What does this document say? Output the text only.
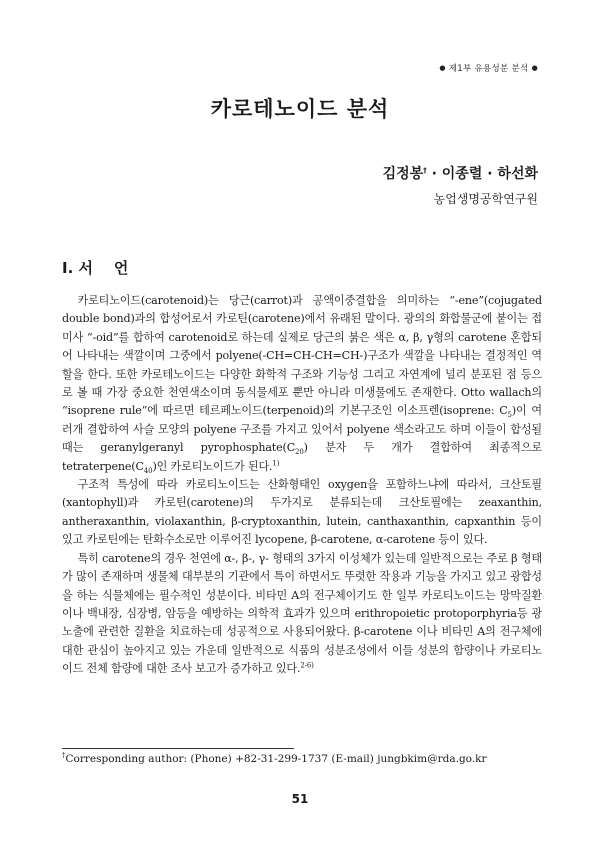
● 제1부 유용성분 분석 ●
카로테노이드 분석
김정봉† · 이종렬 · 하선화
농업생명공학연구원
I. 서    언

카로티노이드(carotenoid)는 당근(carrot)과 공액이중결합을 의미하는 “-ene”(cojugated double bond)과의 합성어로서 카로틴(carotene)에서 유래된 말이다. 광의의 화합물군에 붙이는 접미사 “-oid”를 합하여 carotenoid로 하는데 실제로 당근의 붉은 색은 α, β, γ형의 carotene 혼합되어 나타내는 색깔이며 그중에서 polyene(-CH=CH-CH=CH-)구조가 색깔을 나타내는 결정적인 역할을 한다. 또한 카로테노이드는 다양한 화학적 구조와 기능성 그리고 자연계에 널리 분포된 점 등으로 볼 때 가장 중요한 천연색소이며 동식물세포 뿐만 아니라 미생물에도 존재한다. Otto wallach의 “isoprene rule”에 따르면 테르페노이드(terpenoid)의 기본구조인 이소프렌(isoprene: $C_5$)이 여러개 결합하여 사슬 모양의 polyene 구조를 가지고 있어서 polyene 색소라고도 하며 이들이 합성될 때는 geranylgeranyl $pyrophosphate(C_{20})$ 분자 두 개가 결합하여 최종적으로 $tetraterpene(C_{40})$인 카로티노이드가 된다.$^{1)}$

구조적 특성에 따라 카로티노이드는 산화형태인 oxygen을 포함하느냐에 따라서, 크산토필(xantophyll)과 카로틴(carotene)의 두가지로 분류되는데 크산토필에는 zeaxanthin, antheraxanthin, violaxanthin, β-cryptoxanthin, lutein, canthaxanthin, capxanthin 등이 있고 카로틴에는 탄화수소로만 이루어진 lycopene, β-carotene, α-carotene 등이 있다.

특히 carotene의 경우 천연에 α-, β-, γ- 형태의 3가지 이성체가 있는데 일반적으로는 주로 β 형태가 많이 존재하며 생물체 대부분의 기관에서 특이 하면서도 뚜렷한 작용과 기능을 가지고 있고 광합성을 하는 식물체에는 필수적인 성분이다. 비타민 A의 전구체이기도 한 일부 카로티노이드는 망막질환이나 백내장, 심장병, 암등을 예방하는 의학적 효과가 있으며 erithropoietic protoporphyria등 광노출에 관련한 질환을 치료하는데 성공적으로 사용되어왔다. β-carotene 이나 비타민 A의 전구체에 대한 관심이 높아지고 있는 가운데 일반적으로 식품의 성분조성에서 이들 성분의 함량이나 카로티노이드 전체 함량에 대한 조사 보고가 증가하고 있다.$^{2-6)}$

†Corresponding author: (Phone) +82-31-299-1737 (E-mail) jungbkim@rda.go.kr
51
